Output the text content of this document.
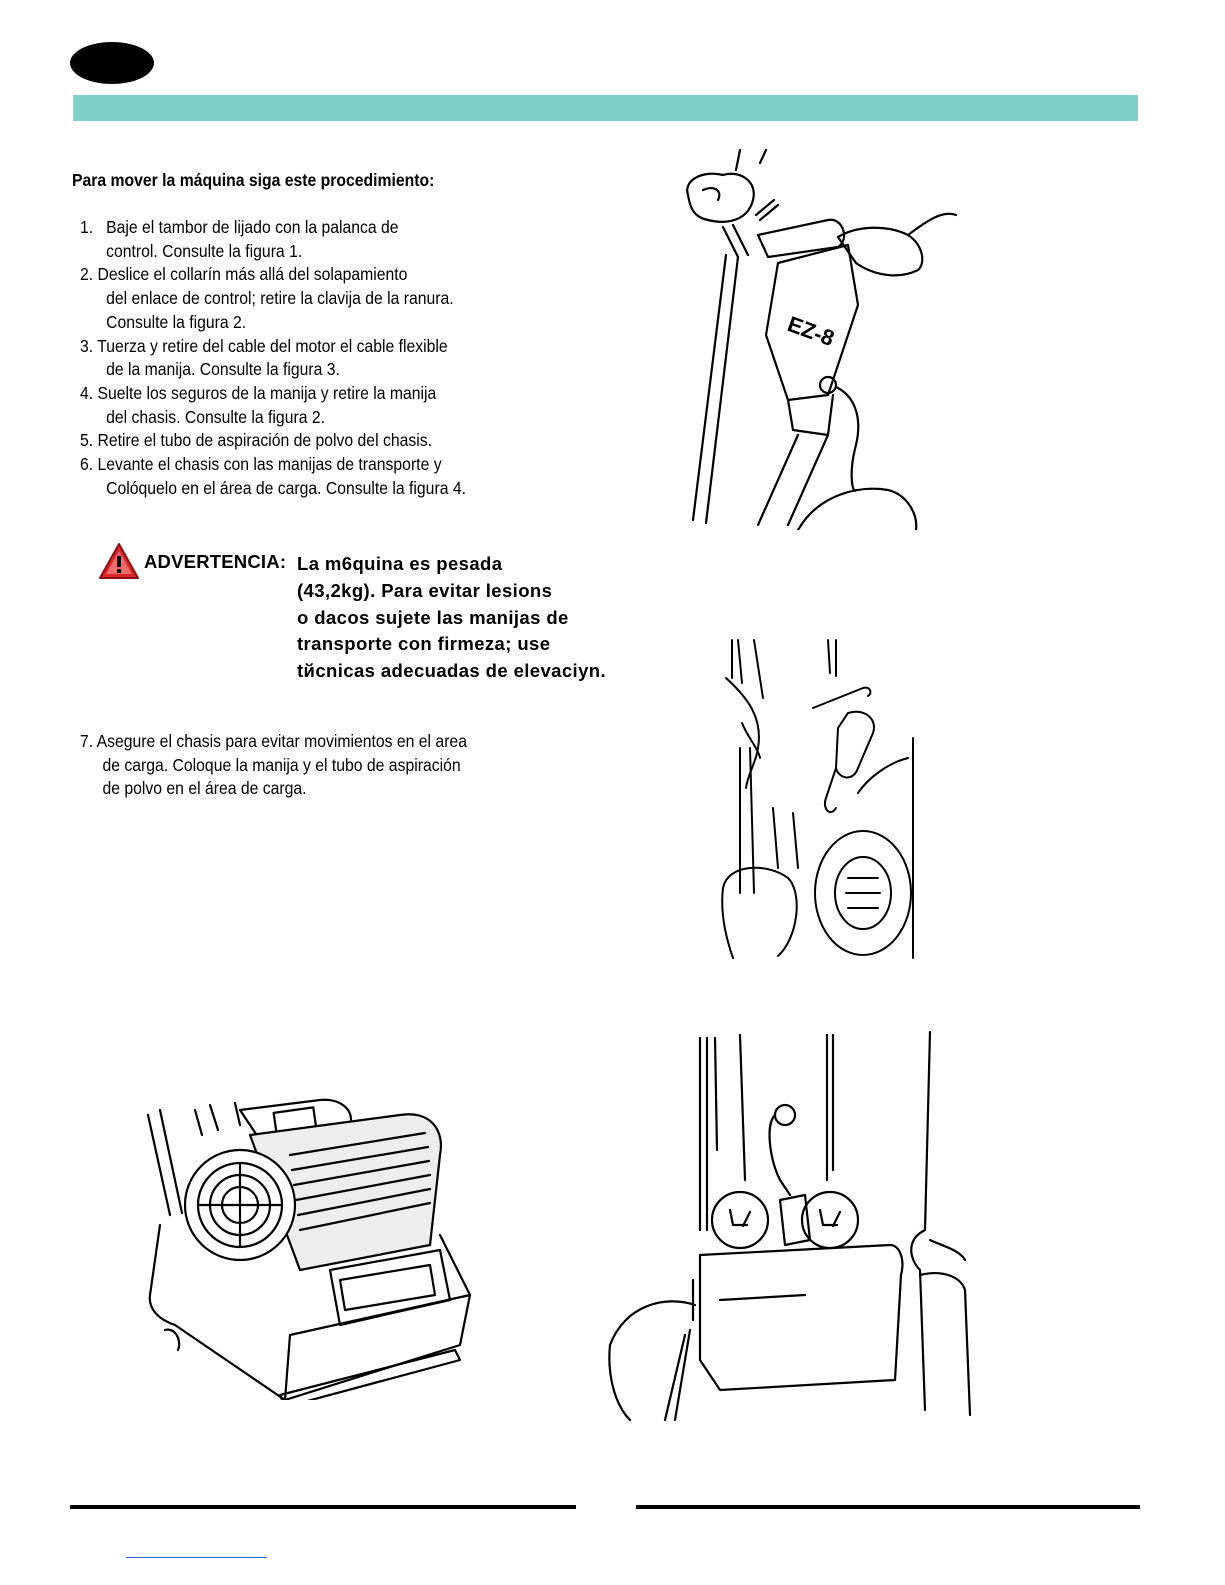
Para mover la máquina siga este procedimiento:

1. Baje el tambor de lijado con la palanca de
control. Consulte la figura 1.
2. Deslice el collarín más allá del solapamiento
del enlace de control; retire la clavija de la ranura.
Consulte la figura 2.
3. Tuerza y retire del cable del motor el cable flexible
de la manija. Consulte la figura 3.
4. Suelte los seguros de la manija y retire la manija
del chasis. Consulte la figura 2.
5. Retire el tubo de aspiración de polvo del chasis.
6. Levante el chasis con las manijas de transporte y
Colóquelo en el área de carga. Consulte la figura 4.
ADVERTENCIA: La m6quina es pesada
(43,2kg). Para evitar lesions
o dacos sujete las manijas de
transporte con firmeza; use
tйcnicas adecuadas de elevaciyn.
7. Asegure el chasis para evitar movimientos en el area
de carga. Coloque la manija y el tubo de aspiración
de polvo en el área de carga.
EZ-8
